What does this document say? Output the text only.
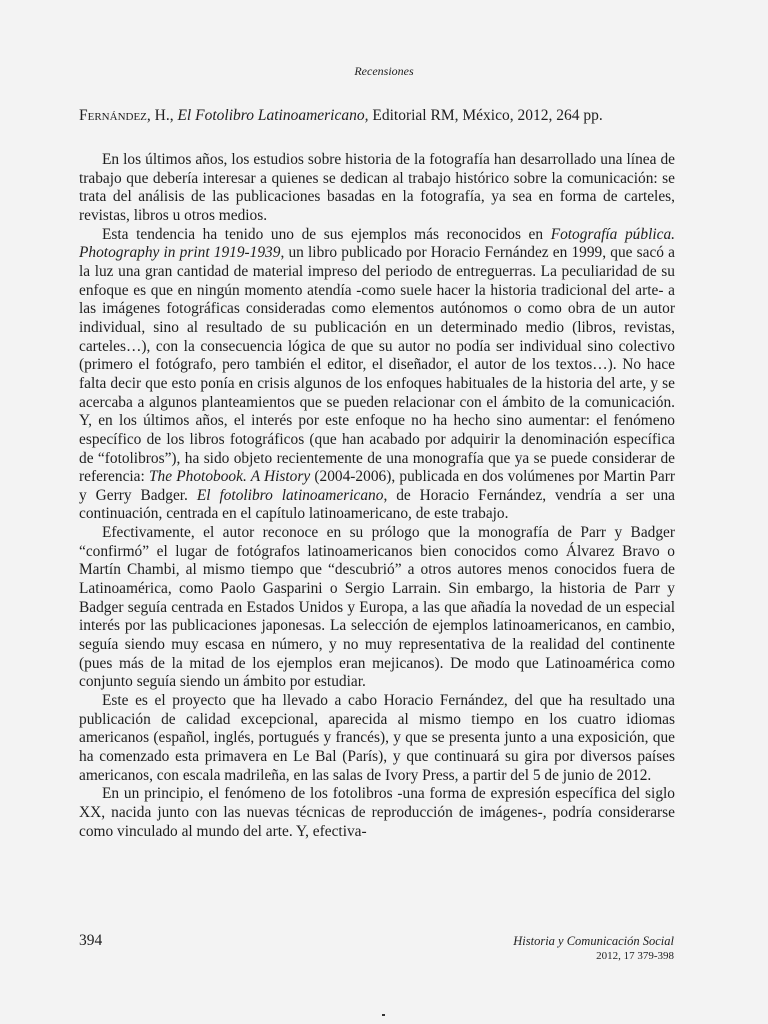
Recensiones
Fernández, H., El Fotolibro Latinoamericano, Editorial RM, México, 2012, 264 pp.

En los últimos años, los estudios sobre historia de la fotografía han desarrollado una línea de trabajo que debería interesar a quienes se dedican al trabajo histórico sobre la comunicación: se trata del análisis de las publicaciones basadas en la fotografía, ya sea en forma de carteles, revistas, libros u otros medios.

Esta tendencia ha tenido uno de sus ejemplos más reconocidos en Fotografía pública. Photography in print 1919-1939, un libro publicado por Horacio Fernández en 1999, que sacó a la luz una gran cantidad de material impreso del periodo de entreguerras. La peculiaridad de su enfoque es que en ningún momento atendía -como suele hacer la historia tradicional del arte- a las imágenes fotográficas consideradas como elementos autónomos o como obra de un autor individual, sino al resultado de su publicación en un determinado medio (libros, revistas, carteles…), con la consecuencia lógica de que su autor no podía ser individual sino colectivo (primero el fotógrafo, pero también el editor, el diseñador, el autor de los textos…). No hace falta decir que esto ponía en crisis algunos de los enfoques habituales de la historia del arte, y se acercaba a algunos planteamientos que se pueden relacionar con el ámbito de la comunicación. Y, en los últimos años, el interés por este enfoque no ha hecho sino aumentar: el fenómeno específico de los libros fotográficos (que han acabado por adquirir la denominación específica de “fotolibros”), ha sido objeto recientemente de una monografía que ya se puede considerar de referencia: The Photobook. A History (2004-2006), publicada en dos volúmenes por Martin Parr y Gerry Badger. El fotolibro latinoamericano, de Horacio Fernández, vendría a ser una continuación, centrada en el capítulo latinoamericano, de este trabajo.

Efectivamente, el autor reconoce en su prólogo que la monografía de Parr y Badger “confirmó” el lugar de fotógrafos latinoamericanos bien conocidos como Álvarez Bravo o Martín Chambi, al mismo tiempo que “descubrió” a otros autores menos conocidos fuera de Latinoamérica, como Paolo Gasparini o Sergio Larrain. Sin embargo, la historia de Parr y Badger seguía centrada en Estados Unidos y Europa, a las que añadía la novedad de un especial interés por las publicaciones japonesas. La selección de ejemplos latinoamericanos, en cambio, seguía siendo muy escasa en número, y no muy representativa de la realidad del continente (pues más de la mitad de los ejemplos eran mejicanos). De modo que Latinoamérica como conjunto seguía siendo un ámbito por estudiar.

Este es el proyecto que ha llevado a cabo Horacio Fernández, del que ha resultado una publicación de calidad excepcional, aparecida al mismo tiempo en los cuatro idiomas americanos (español, inglés, portugués y francés), y que se presenta junto a una exposición, que ha comenzado esta primavera en Le Bal (París), y que continuará su gira por diversos países americanos, con escala madrileña, en las salas de Ivory Press, a partir del 5 de junio de 2012.

En un principio, el fenómeno de los fotolibros -una forma de expresión específica del siglo XX, nacida junto con las nuevas técnicas de reproducción de imágenes-, podría considerarse como vinculado al mundo del arte. Y, efectiva-

394	Historia y Comunicación Social
2012, 17 379-398
